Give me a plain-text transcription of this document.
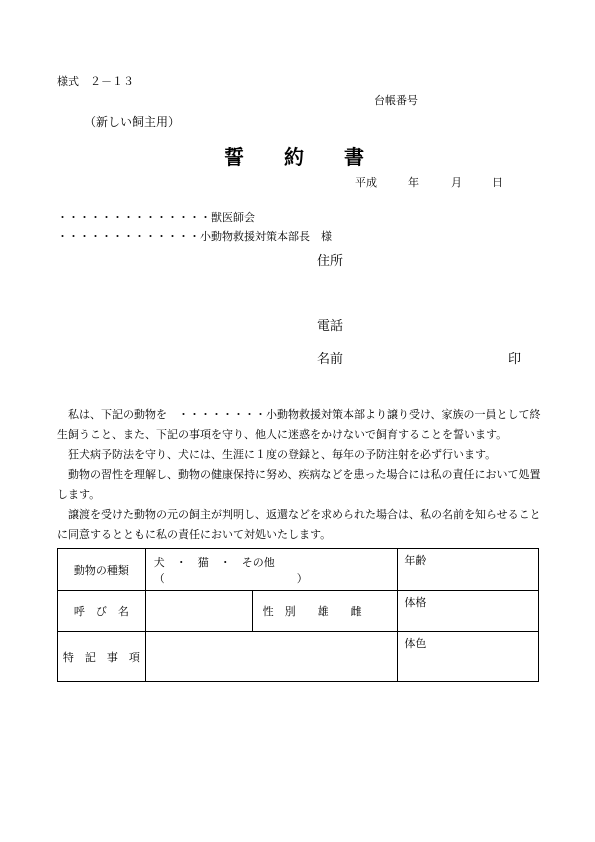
様式　２－１３
台帳番号
（新しい飼主用）
誓　　約　　書
平成	年	月	日
・・・・・・・・・・・・・・獣医師会
・・・・・・・・・・・・・小動物救援対策本部長　様
住所
電話
名前	印

私は、下記の動物を　・・・・・・・・小動物救援対策本部より譲り受け、家族の一員として終生飼うこと、また、下記の事項を守り、他人に迷惑をかけないで飼育することを誓います。

狂犬病予防法を守り、犬には、生涯に１度の登録と、毎年の予防注射を必ず行います。

動物の習性を理解し、動物の健康保持に努め、疾病などを患った場合には私の責任において処置します。

譲渡を受けた動物の元の飼主が判明し、返還などを求められた場合は、私の名前を知らせることに同意するとともに私の責任において対処いたします。

動物の種類	犬　・　猫　・　その他　（　　　　　　　　　　　　）		年齢
呼　び　名		性　別　　雄　　雌	体格
特　記　事　項			体色
